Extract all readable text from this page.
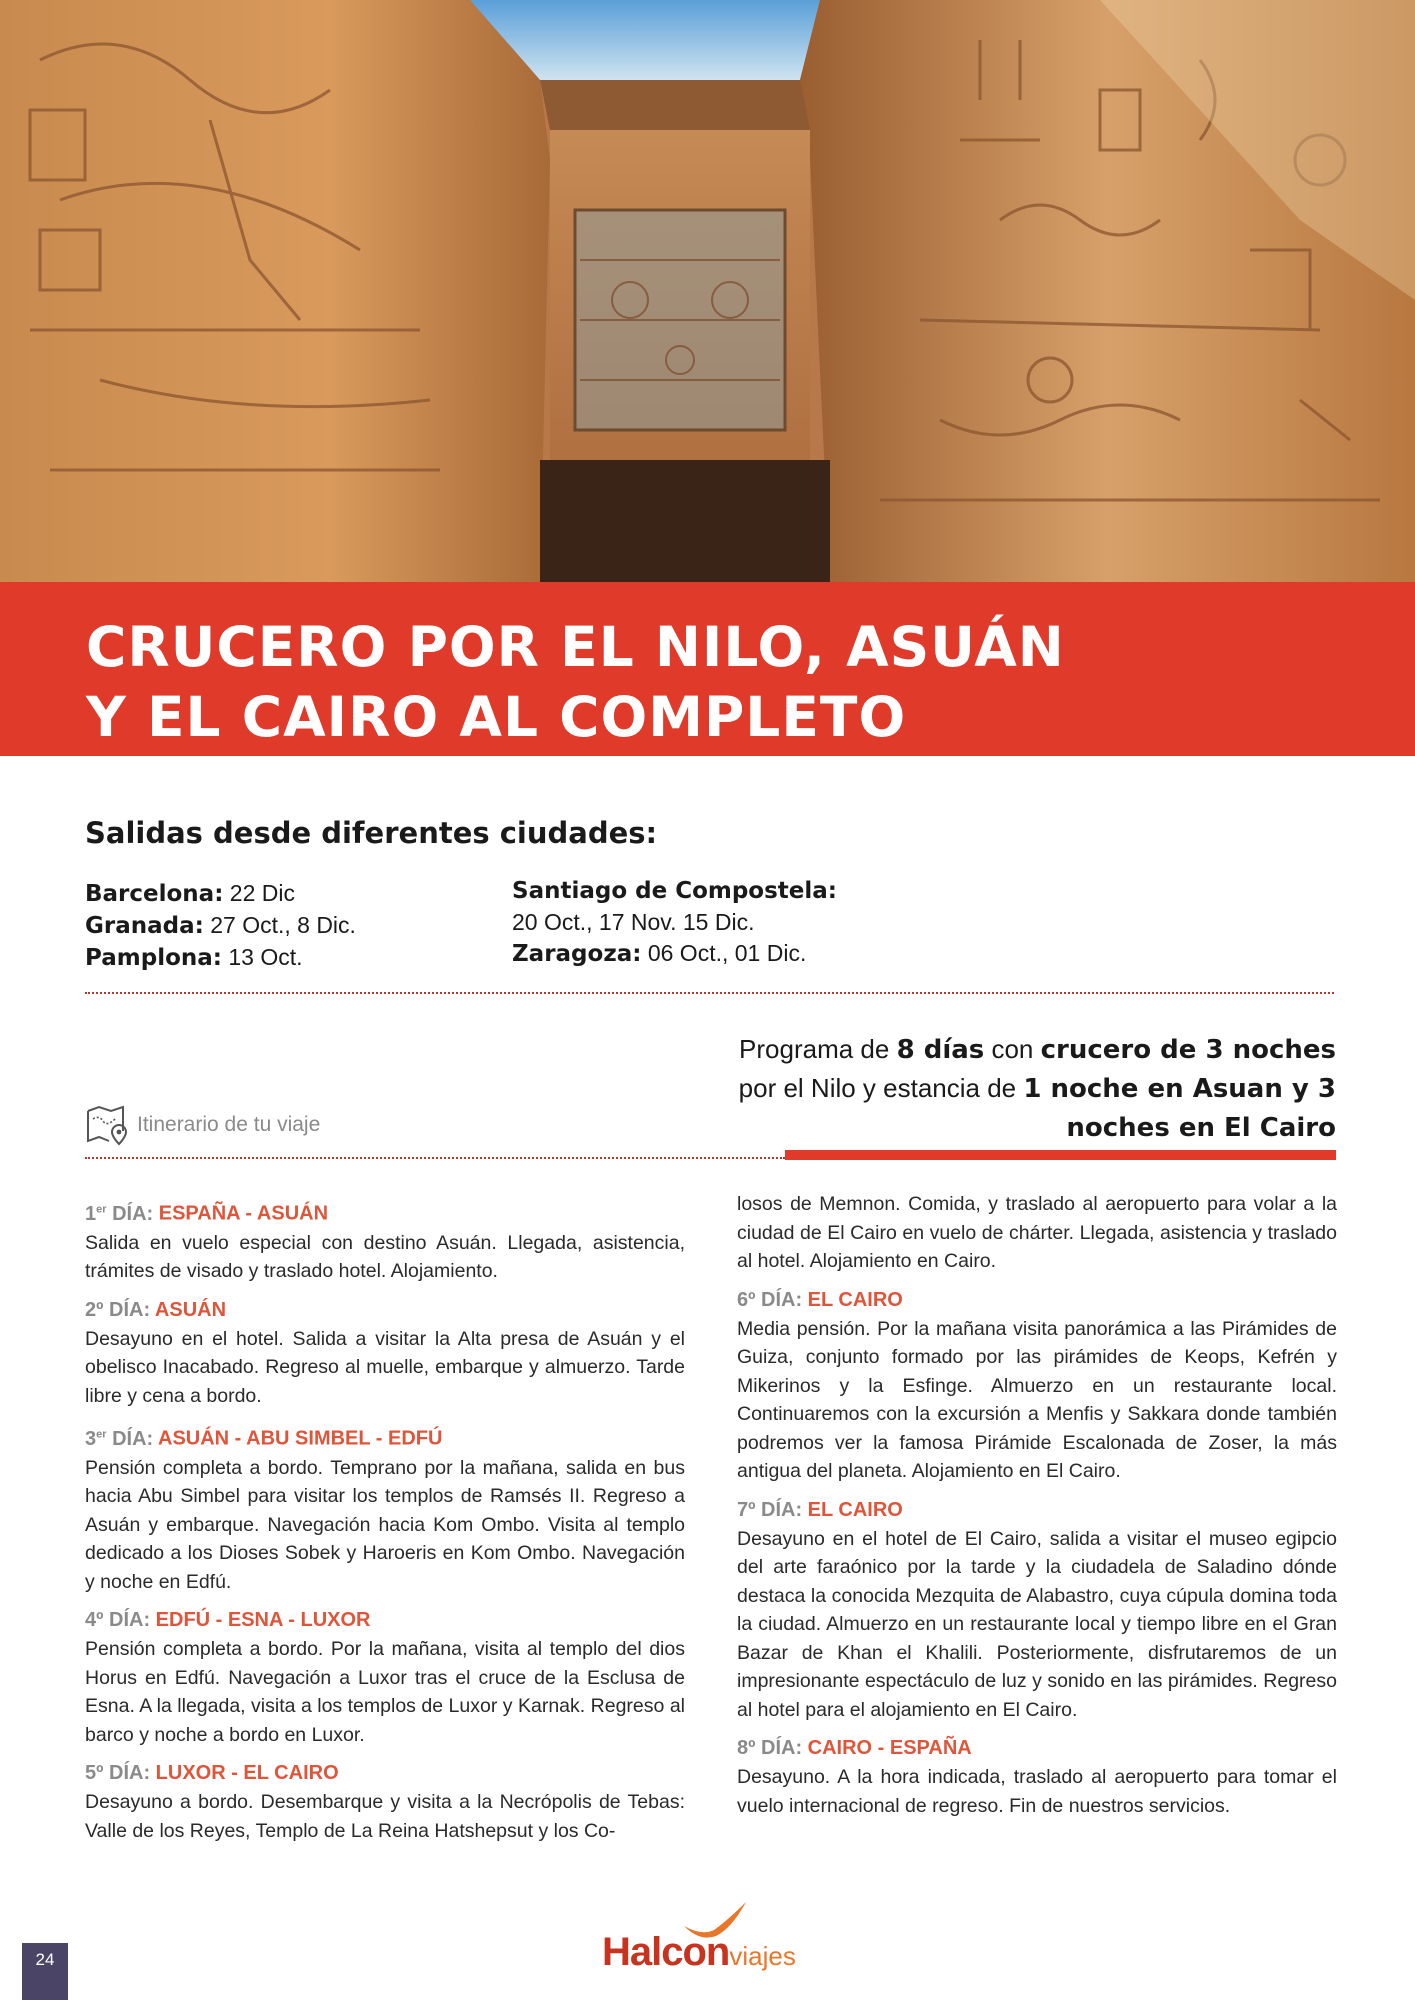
CRUCERO POR EL NILO, ASUÁN
Y EL CAIRO AL COMPLETO
Salidas desde diferentes ciudades:
Barcelona: 22 Dic
Granada: 27 Oct., 8 Dic.
Pamplona: 13 Oct.
Santiago de Compostela:
20 Oct., 17 Nov. 15 Dic.
Zaragoza: 06 Oct., 01 Dic.
Programa de 8 días con crucero de 3 noches por el Nilo y estancia de 1 noche en Asuan y 3 noches en El Cairo
Itinerario de tu viaje
1er DÍA: ESPAÑA - ASUÁN

Salida en vuelo especial con destino Asuán. Llegada, asistencia, trámites de visado y traslado hotel. Alojamiento.

2º DÍA: ASUÁN

Desayuno en el hotel. Salida a visitar la Alta presa de Asuán y el obelisco Inacabado. Regreso al muelle, embarque y almuerzo. Tarde libre y cena a bordo.

3er DÍA: ASUÁN - ABU SIMBEL - EDFÚ

Pensión completa a bordo. Temprano por la mañana, salida en bus hacia Abu Simbel para visitar los templos de Ramsés II. Regreso a Asuán y embarque. Navegación hacia Kom Ombo. Visita al templo dedicado a los Dioses Sobek y Haroeris en Kom Ombo. Navegación y noche en Edfú.

4º DÍA: EDFÚ - ESNA - LUXOR

Pensión completa a bordo. Por la mañana, visita al templo del dios Horus en Edfú. Navegación a Luxor tras el cruce de la Esclusa de Esna. A la llegada, visita a los templos de Luxor y Karnak. Regreso al barco y noche a bordo en Luxor.

5º DÍA: LUXOR - EL CAIRO

Desayuno a bordo. Desembarque y visita a la Necrópolis de Tebas: Valle de los Reyes, Templo de La Reina Hatshepsut y los Co-

losos de Memnon. Comida, y traslado al aeropuerto para volar a la ciudad de El Cairo en vuelo de chárter. Llegada, asistencia y traslado al hotel. Alojamiento en Cairo.

6º DÍA: EL CAIRO

Media pensión. Por la mañana visita panorámica a las Pirámides de Guiza, conjunto formado por las pirámides de Keops, Kefrén y Mikerinos y la Esfinge. Almuerzo en un restaurante local. Continuaremos con la excursión a Menfis y Sakkara donde también podremos ver la famosa Pirámide Escalonada de Zoser, la más antigua del planeta. Alojamiento en El Cairo.

7º DÍA: EL CAIRO

Desayuno en el hotel de El Cairo, salida a visitar el museo egipcio del arte faraónico por la tarde y la ciudadela de Saladino dónde destaca la conocida Mezquita de Alabastro, cuya cúpula domina toda la ciudad. Almuerzo en un restaurante local y tiempo libre en el Gran Bazar de Khan el Khalili. Posteriormente, disfrutaremos de un impresionante espectáculo de luz y sonido en las pirámides. Regreso al hotel para el alojamiento en El Cairo.

8º DÍA: CAIRO - ESPAÑA

Desayuno. A la hora indicada, traslado al aeropuerto para tomar el vuelo internacional de regreso. Fin de nuestros servicios.

24	Halconviajes
